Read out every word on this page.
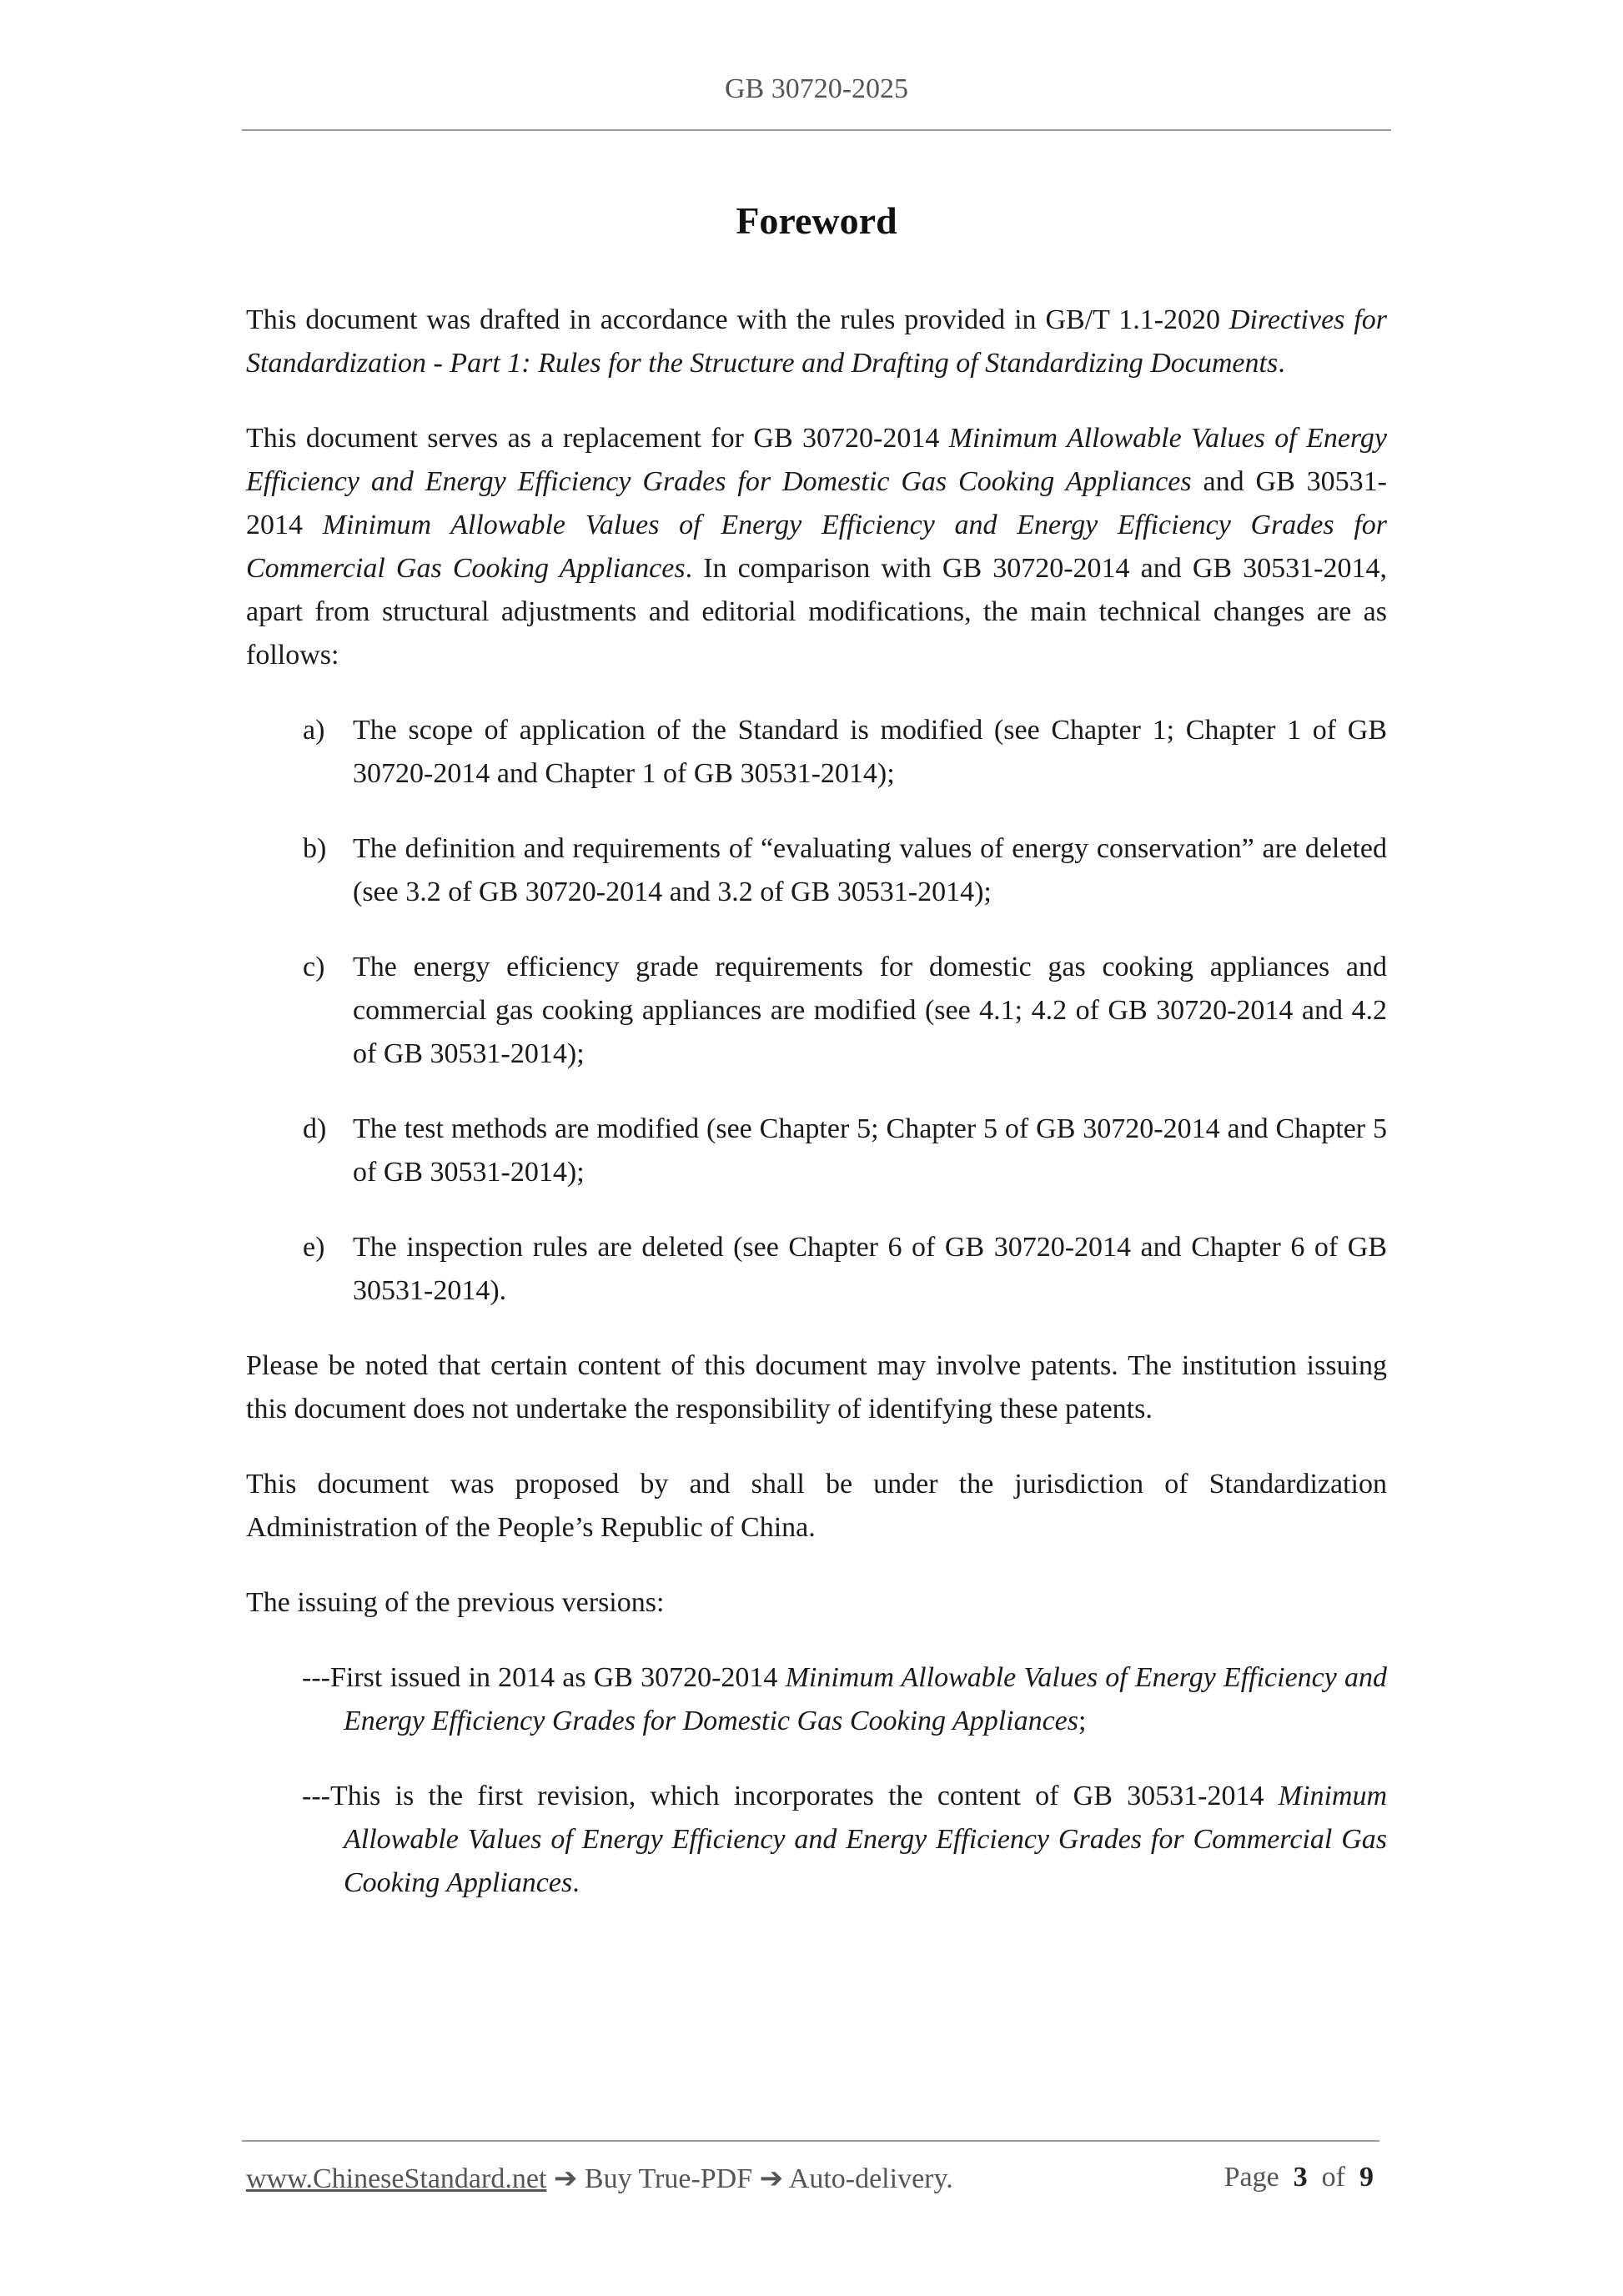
GB 30720-2025
Foreword

This document was drafted in accordance with the rules provided in GB/T 1.1-2020 Directives for Standardization - Part 1: Rules for the Structure and Drafting of Standardizing Documents.

This document serves as a replacement for GB 30720-2014 Minimum Allowable Values of Energy Efficiency and Energy Efficiency Grades for Domestic Gas Cooking Appliances and GB 30531-2014 Minimum Allowable Values of Energy Efficiency and Energy Efficiency Grades for Commercial Gas Cooking Appliances. In comparison with GB 30720-2014 and GB 30531-2014, apart from structural adjustments and editorial modifications, the main technical changes are as follows:

a) The scope of application of the Standard is modified (see Chapter 1; Chapter 1 of GB 30720-2014 and Chapter 1 of GB 30531-2014);
b) The definition and requirements of “evaluating values of energy conservation” are deleted (see 3.2 of GB 30720-2014 and 3.2 of GB 30531-2014);
c) The energy efficiency grade requirements for domestic gas cooking appliances and commercial gas cooking appliances are modified (see 4.1; 4.2 of GB 30720-2014 and 4.2 of GB 30531-2014);
d) The test methods are modified (see Chapter 5; Chapter 5 of GB 30720-2014 and Chapter 5 of GB 30531-2014);
e) The inspection rules are deleted (see Chapter 6 of GB 30720-2014 and Chapter 6 of GB 30531-2014).

Please be noted that certain content of this document may involve patents. The institution issuing this document does not undertake the responsibility of identifying these patents.

This document was proposed by and shall be under the jurisdiction of Standardization Administration of the People’s Republic of China.

The issuing of the previous versions:

---First issued in 2014 as GB 30720-2014 Minimum Allowable Values of Energy Efficiency and Energy Efficiency Grades for Domestic Gas Cooking Appliances;
---This is the first revision, which incorporates the content of GB 30531-2014 Minimum Allowable Values of Energy Efficiency and Energy Efficiency Grades for Commercial Gas Cooking Appliances.
www.ChineseStandard.net ➔ Buy True-PDF ➔ Auto-delivery.	Page 3 of 9
